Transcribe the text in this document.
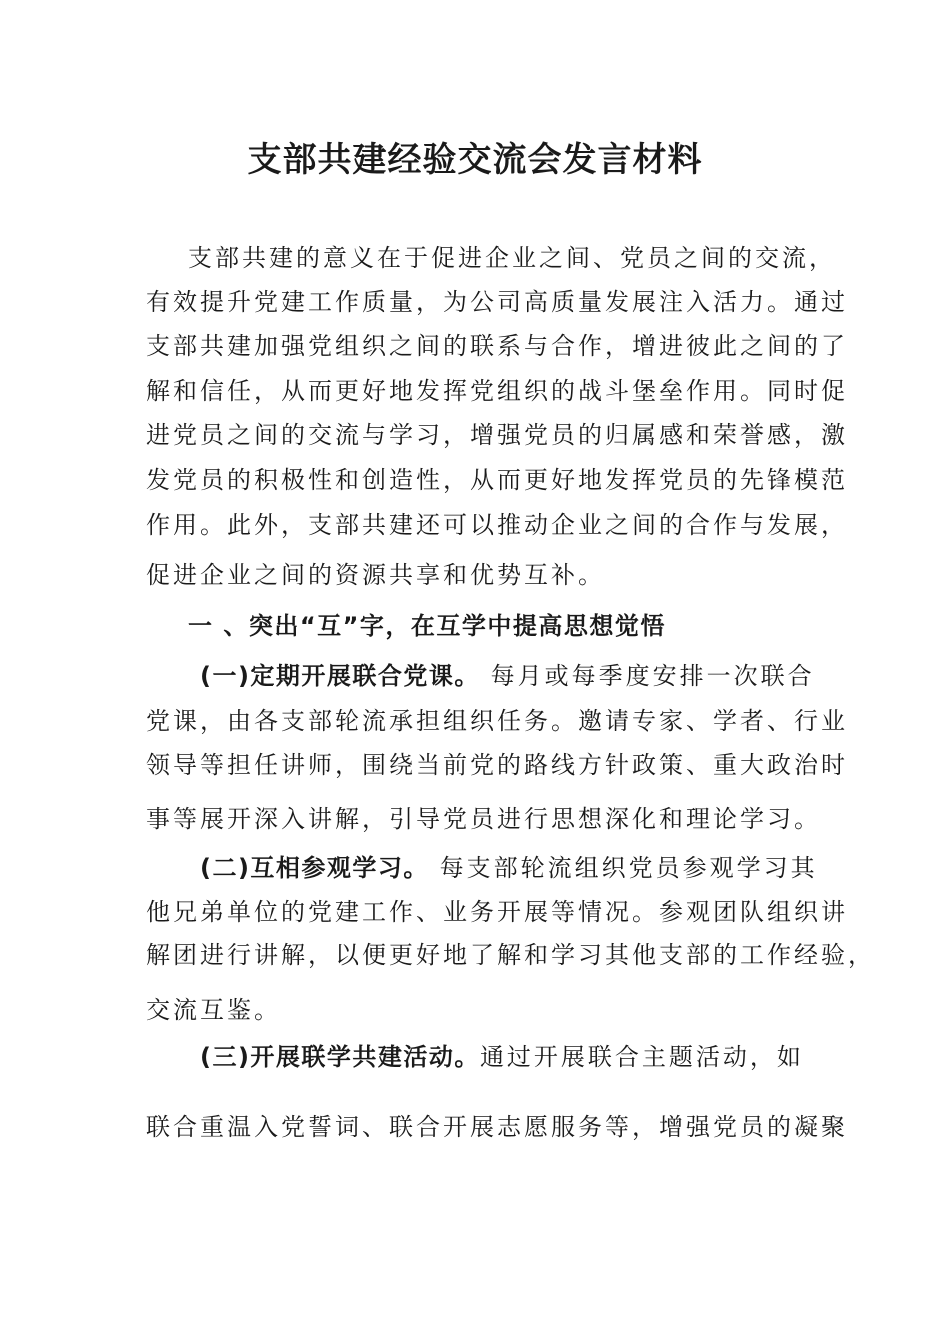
支部共建经验交流会发言材料

支部共建的意义在于促进企业之间、党员之间的交流，

有效提升党建工作质量，为公司高质量发展注入活力。通过

支部共建加强党组织之间的联系与合作，增进彼此之间的了

解和信任，从而更好地发挥党组织的战斗堡垒作用。同时促

进党员之间的交流与学习，增强党员的归属感和荣誉感，激

发党员的积极性和创造性，从而更好地发挥党员的先锋模范

作用。此外，支部共建还可以推动企业之间的合作与发展，

促进企业之间的资源共享和优势互补。

一 、突出“互”字，在互学中提高思想觉悟

(一)定期开展联合党课。 每月或每季度安排一次联合

党课，由各支部轮流承担组织任务。邀请专家、学者、行业

领导等担任讲师，围绕当前党的路线方针政策、重大政治时

事等展开深入讲解，引导党员进行思想深化和理论学习。

(二)互相参观学习。 每支部轮流组织党员参观学习其

他兄弟单位的党建工作、业务开展等情况。参观团队组织讲

解团进行讲解，以便更好地了解和学习其他支部的工作经验，

交流互鉴。

(三)开展联学共建活动。通过开展联合主题活动，如

联合重温入党誓词、联合开展志愿服务等，增强党员的凝聚
